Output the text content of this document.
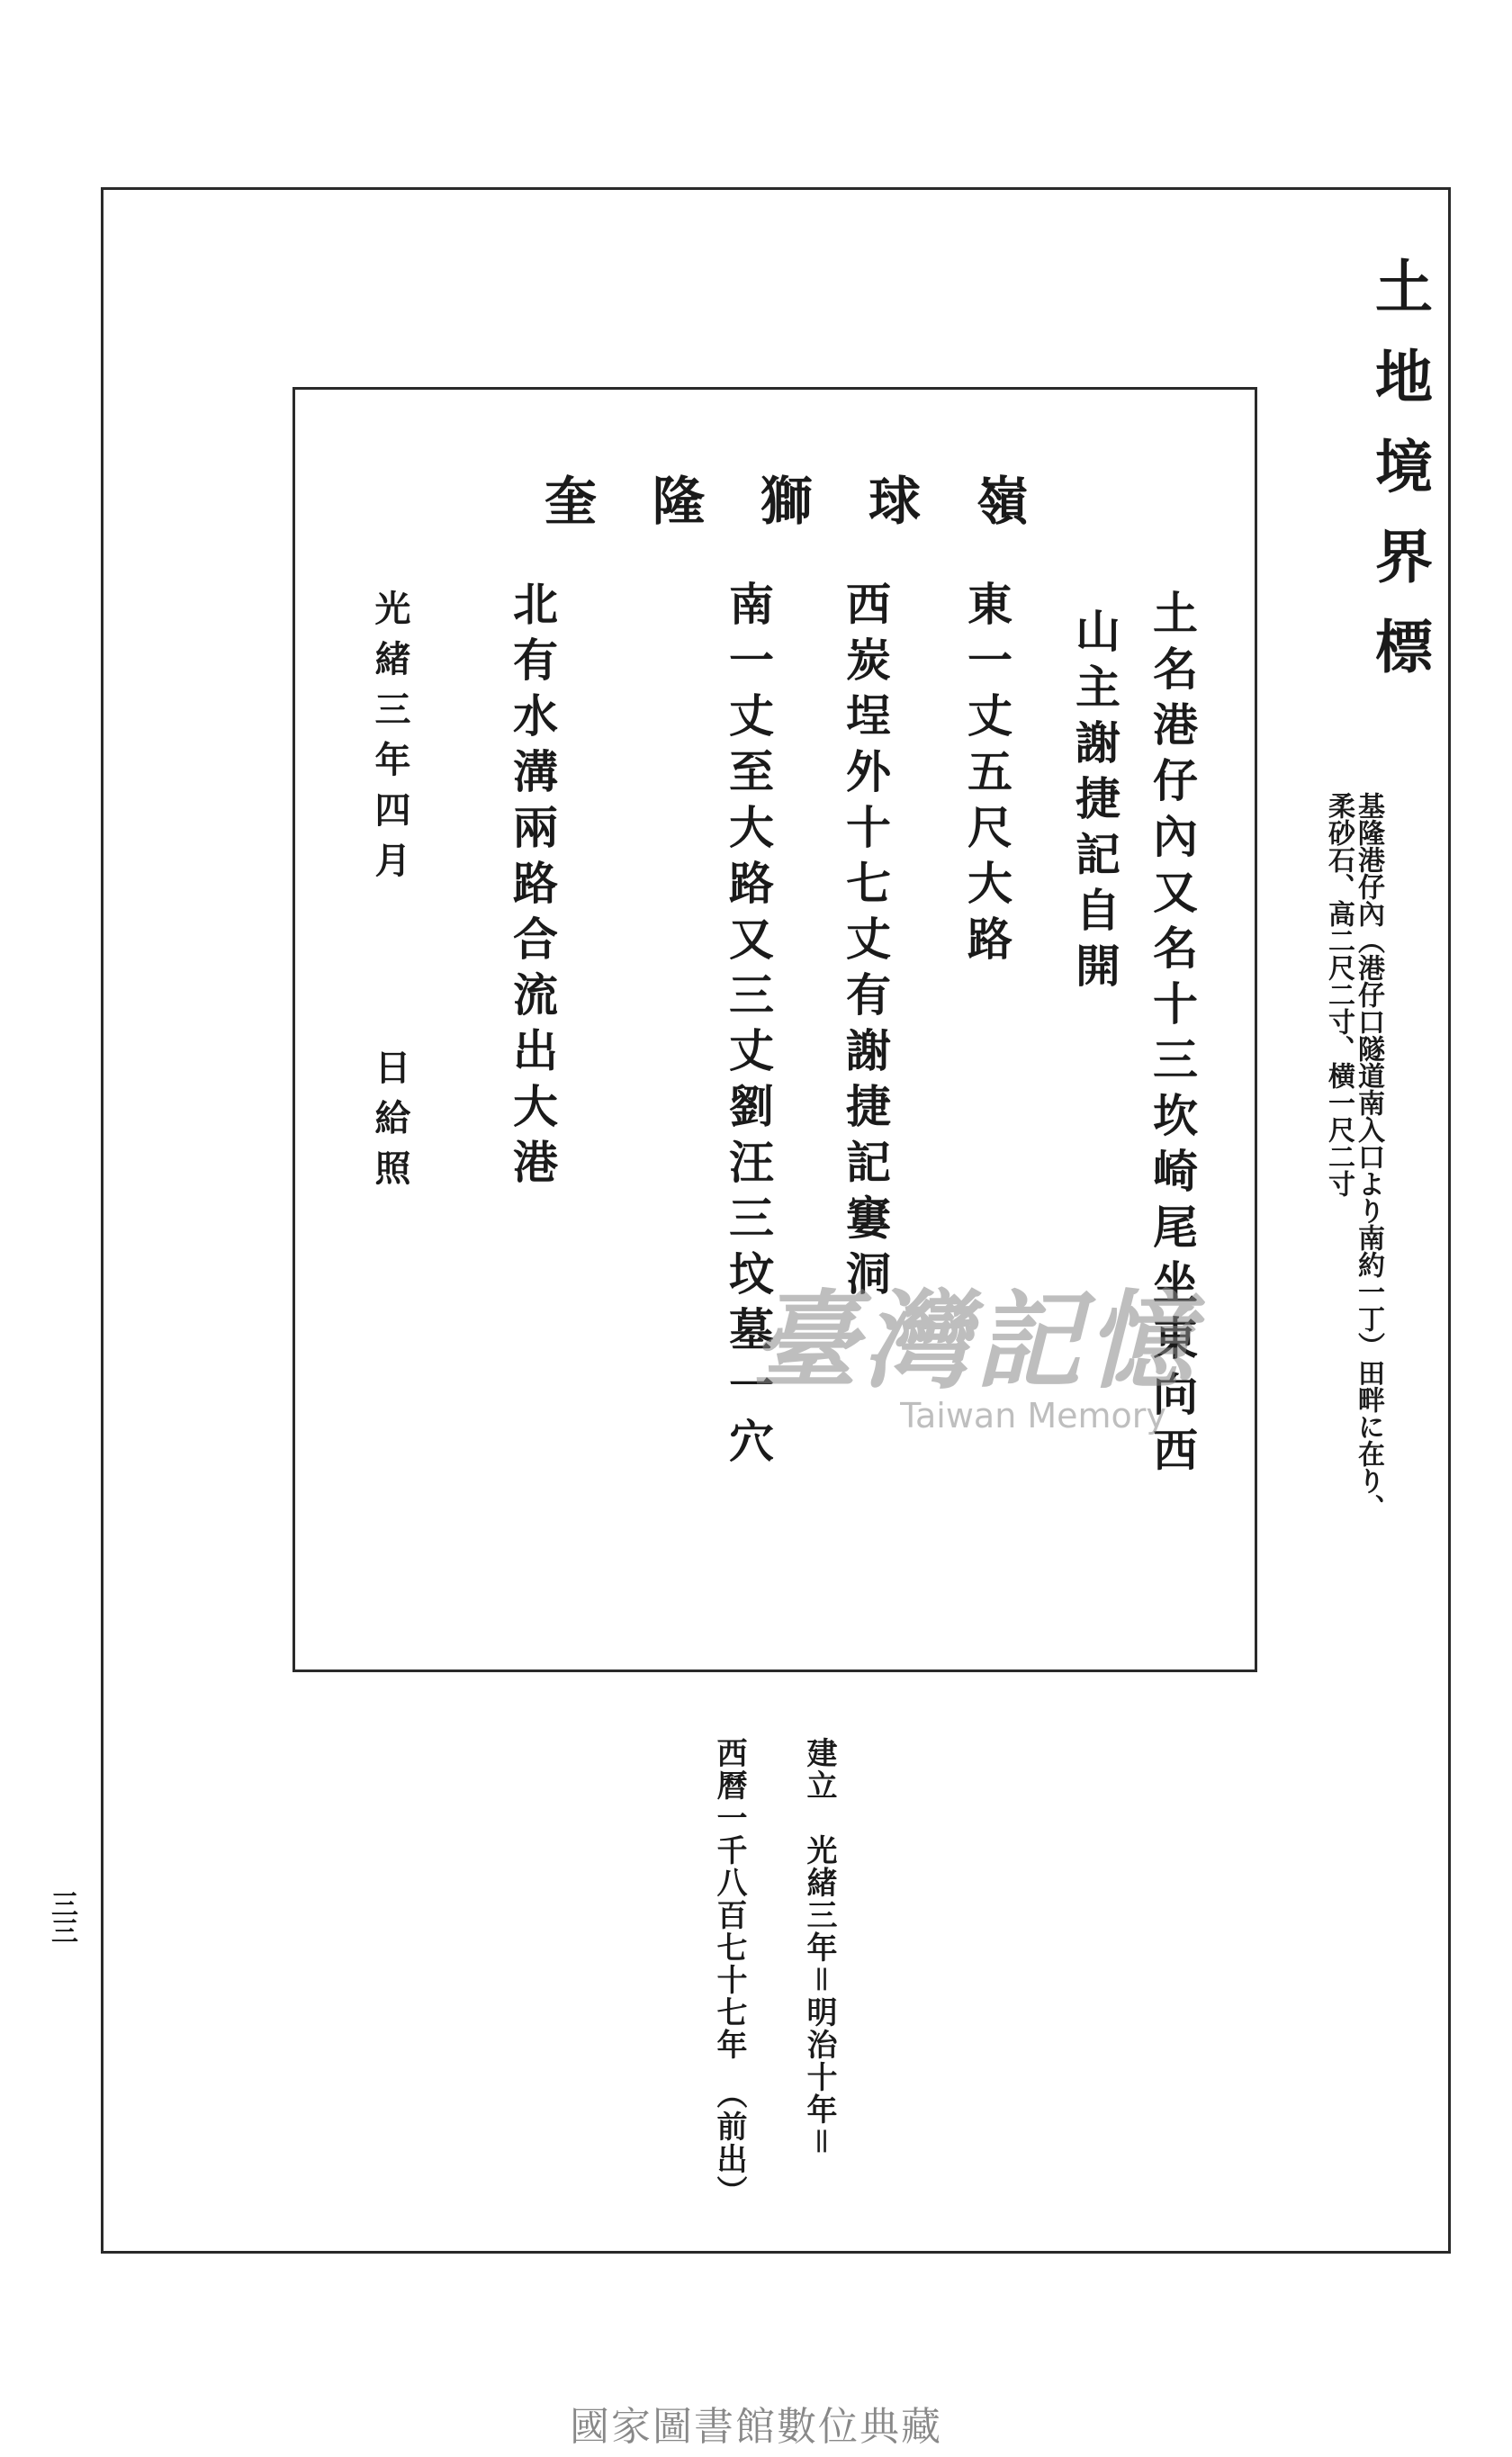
土地境界標
基隆港仔內（港仔口隧道南入口より南約一丁）田畔に在り、
柔砂石、高二尺二寸、横一尺二寸
奎隆獅球嶺
土名港仔內又名十三坎崎尾坐東向西
山主謝捷記自開
東一丈五尺大路
西炭埕外十七丈有謝捷記窶洞
南一丈至大路又三丈劉汪三坟墓一穴
北有水溝兩路合流出大港
光緒三年四月
日給照
建立　光緒三年＝明治十年＝
西曆一千八百七十七年　（前出）
三三
臺灣記憶
Taiwan Memory
國家圖書館數位典藏
